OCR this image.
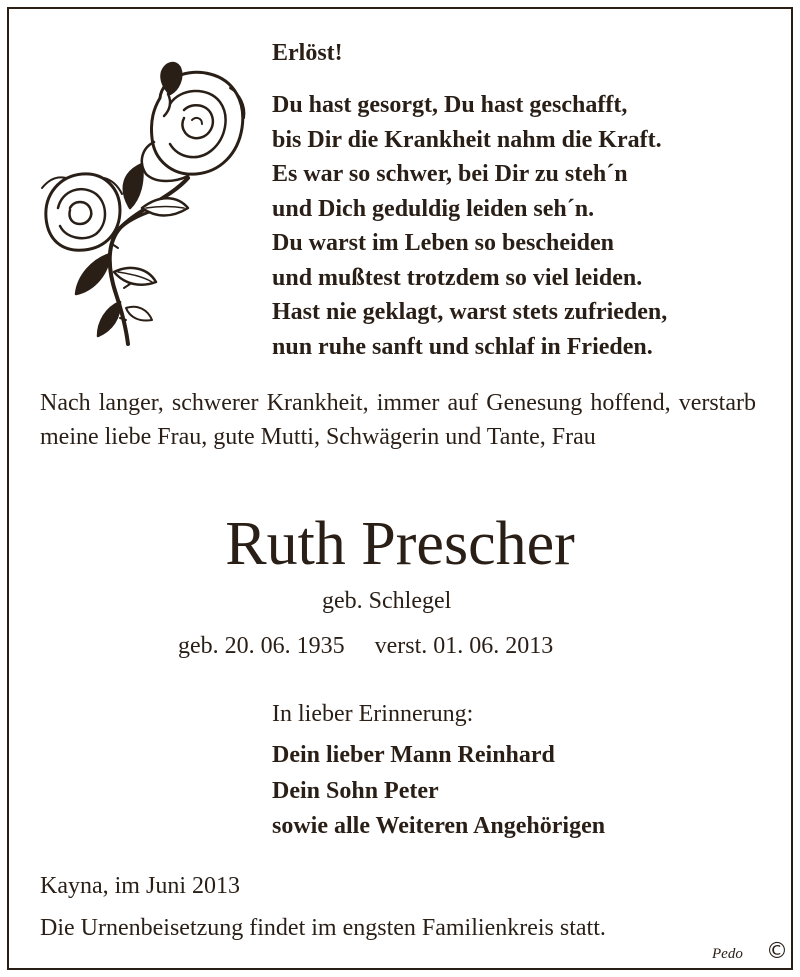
Erlöst!
Du hast gesorgt, Du hast geschafft,
bis Dir die Krankheit nahm die Kraft.
Es war so schwer, bei Dir zu steh´n
und Dich geduldig leiden seh´n.
Du warst im Leben so bescheiden
und mußtest trotzdem so viel leiden.
Hast nie geklagt, warst stets zufrieden,
nun ruhe sanft und schlaf in Frieden.

Nach langer, schwerer Krankheit, immer auf Genesung hoffend, verstarb meine liebe Frau, gute Mutti, Schwägerin und Tante, Frau

Ruth Prescher
geb. Schlegel
geb. 20. 06. 1935 verst. 01. 06. 2013
In lieber Erinnerung:
Dein lieber Mann Reinhard
Dein Sohn Peter
sowie alle Weiteren Angehörigen
Kayna, im Juni 2013
Die Urnenbeisetzung findet im engsten Familienkreis statt.
Pedo ©
